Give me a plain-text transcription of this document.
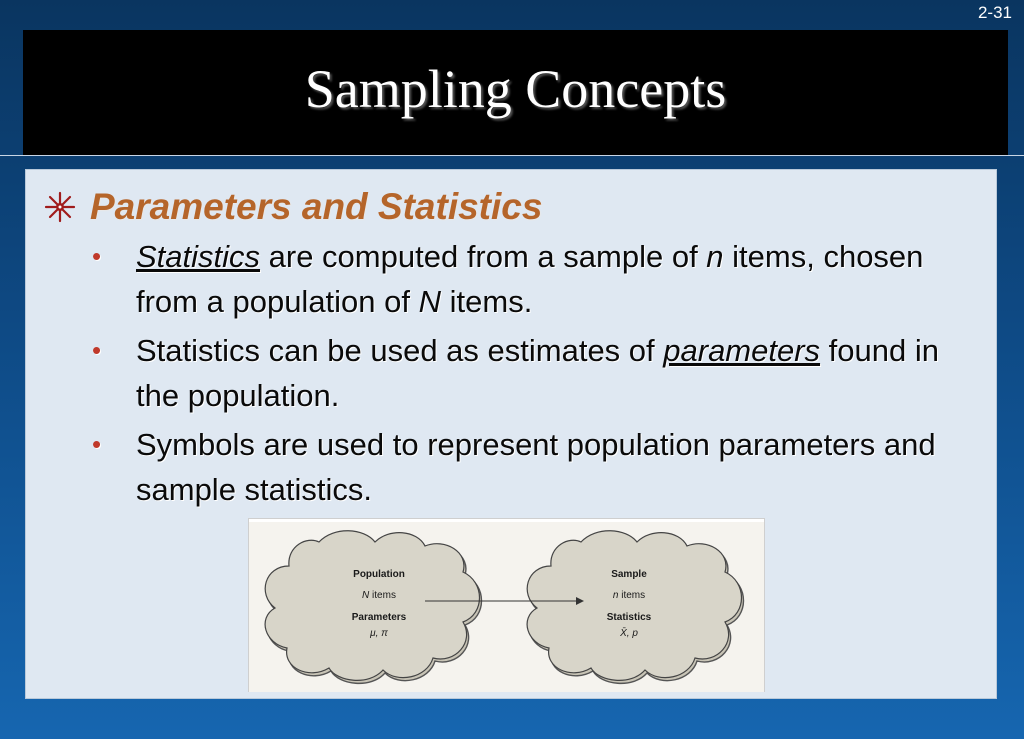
2-31
Sampling Concepts
Parameters and Statistics
• Statistics are computed from a sample of n items, chosen from a population of N items.
• Statistics can be used as estimates of parameters found in the population.
• Symbols are used to represent population parameters and sample statistics.
Population
N items
Parameters
μ, π
Sample
n items
Statistics
X̄, p
